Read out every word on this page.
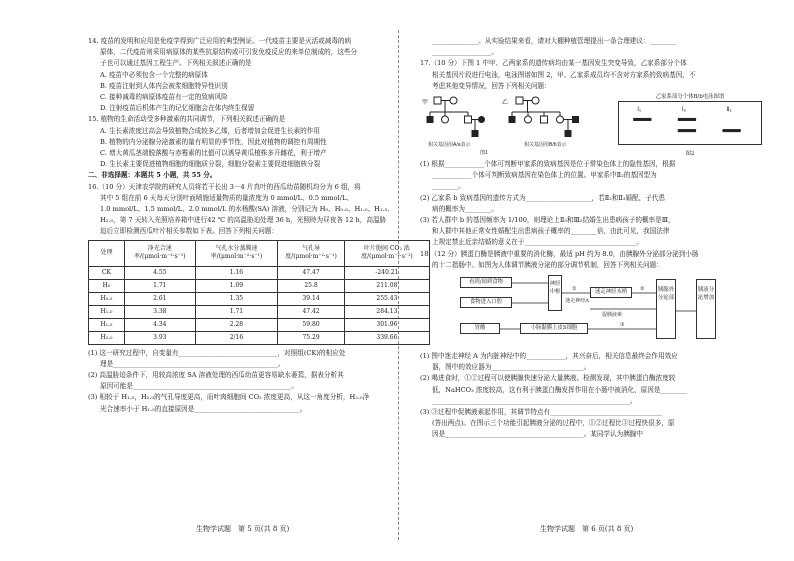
14. 疫苗的发明和应用是免疫学得到广泛应用的典型例证。一代疫苗主要是灭活或减毒的病
原体，二代疫苗则采用病原体的某些抗原结构或可引发免疫反应的来单位制成的，这些分
子也可以通过基因工程生产。下列相关叙述正确的是
A. 疫苗中必须包含一个完整的病原体
B. 疫苗注射到人体内会被浆细胞特异性识别
C. 接种减毒的病原体疫苗有一定的致病风险
D. 注射疫苗后机体产生的记忆细胞会在体内终生保留
15. 植物的生命活动受多种激素的共同调节，下列相关叙述正确的是
A. 生长素浓度过高会导致植物合成较多乙烯，后者增加会促进生长素的作用
B. 植物的内分泌腺分泌激素的量有明显的季节性，因此对植物的调控有周期性
C. 增大黄瓜茎端脱落酸与赤霉素的比值可以诱导黄瓜植株多开雌花，利于增产
D. 生长素主要促进植物细胞的细胞质分裂，细胞分裂素主要促进细胞核分裂
二、非选择题：本题共 5 小题，共 55 分。
16.（10 分）天津农学院的研究人员将若干长出 3－4 片真叶的西瓜幼苗随机均分为 6 组，将
其中 5 组在前 6 天每天分别叶面喷施适量物质的量浓度为 0 mmol/L、0.5 mmol/L、
1.0 mmol/L、1.5 mmol/L、2.0 mmol/L 的水杨酸(SA) 溶液，分别记为 H₀、H₀.₅、H₁.₀、H₁.₅、
H₂.₀，第 7 天转入光照培养箱中进行42 ℃ 的高温胁迫处理 36 h，光照時为昼夜各 12 h，高温胁
迫后立即检测西瓜叶片相关参数如下表。回答下列相关问题：
处理	净光合速率/(μmol·m⁻²·s⁻¹)	气孔水分蒸腾速率/(μmol·m⁻²·s⁻¹)	气孔导度/(μmol·m⁻²·s⁻¹)	叶片胞间 CO₂ 浓度/(μmol·m⁻²·s⁻¹)
CK	4.55	1.16	47.47	-240.21
H₀	1.71	1.09	25.8	211.08
H₀.₅	2.61	1.35	39.14	255.43
H₁.₀	3.38	1.71	47.42	284.13
H₁.₅	4.34	2.28	59.80	301.96
H₂.₀	3.93	2/16	75.29	339.66
(1) 这一研究过程中，自变量有______________________________，对照组(CK)的相应处
理是__________________________________________________。
(2) 高温胁迫条件下，用较高浓度 SA 溶液处理的西瓜幼苗更容易缺水萎蔫，据表分析其
原因可能是________________________________________________。
(3) 相较于 H₁.₅，H₂.₀的气孔导度更高，而叶肉细胞间 CO₂ 浓度更高，从这一角度分析，H₂.₀净
光合速率小于 H₁.₅的直接原因是________________________________。
生物学试题　第 5 页(共 8 页)
______________。从实验结果来看，请对大棚种植管理提出一条合理建议：________
__________________。
17.（10 分）下图 1 中甲、乙两家系的遗传病均由某一基因发生突变导致，乙家系部分个体
相关基因片段进行电泳，电泳图谱如图 2，甲、乙家系成员均不含对方家系的致病基因，不
考虑其他变异情况，回答下列相关问题：
甲
相关基因用A/a表示
乙
相关基因用B/b表示
图1
乙家系部分个体B/b电泳图谱
Ⅰ₁	Ⅰ₂	Ⅱ₁
图2
(1) 根据____________个体可判断甲家系的致病基因是位于常染色体上的隐性基因，根据
____________个体可判断致病基因在染色体上的位置。甲家系中Ⅱ₂的基因型为
________。
(2) 乙家系 b 致病基因的遗传方式为____________________，若Ⅱ₂和Ⅱ₃婚配，子代患
病的概率为________。
(3) 若人群中 b 的基因频率为 1/100，则理论上Ⅱ₃和Ⅲ₂结婚生出患病孩子的概率是Ⅲ，
和人群中其他正常女性婚配生出患病孩子概率的________倍，由此可见，我国法律
上规定禁止近亲结婚的意义在于__________________________________。
18.（12 分）胰蛋白酶是胰液中重要的消化酶，最适 pH 约为 8.0，由胰腺外分泌部分泌到小肠
的十二指肠中。如图为人体调节胰液分泌的部分调节机制，回答下列相关问题：
①	②
③
看到/闻到食物
食物进入口腔
胃酸
神经中枢
小肠黏膜上皮S细胞
迷走神经A
迷走神经末梢
促胰液素
胰腺外分泌部
胰液分泌增加
(1) 图中迷走神经 A 为内脏神经中的____________，其兴奋后，相关信息最终会作用效应
器，图中的效应器为____________________________。
(2) 喝进食时，①②过程可以使胰腺快速分泌大量胰液。检测发现，其中胰蛋白酶浓度较
低，NaHCO₃ 浓度较高，这有利于胰蛋白酶发挥作用在小肠中被消化，原因是________
____________________________________________________________。
(3) ③过程中促胰液素起作用，其调节特点有__________________________________
(答出两点)。在图示三个功能引起胰液分泌的过程中，①②过程比③过程快很多，原
因是__________________________________________。某同学认为胰腺中
生物学试题　第 6 页(共 8 页)
